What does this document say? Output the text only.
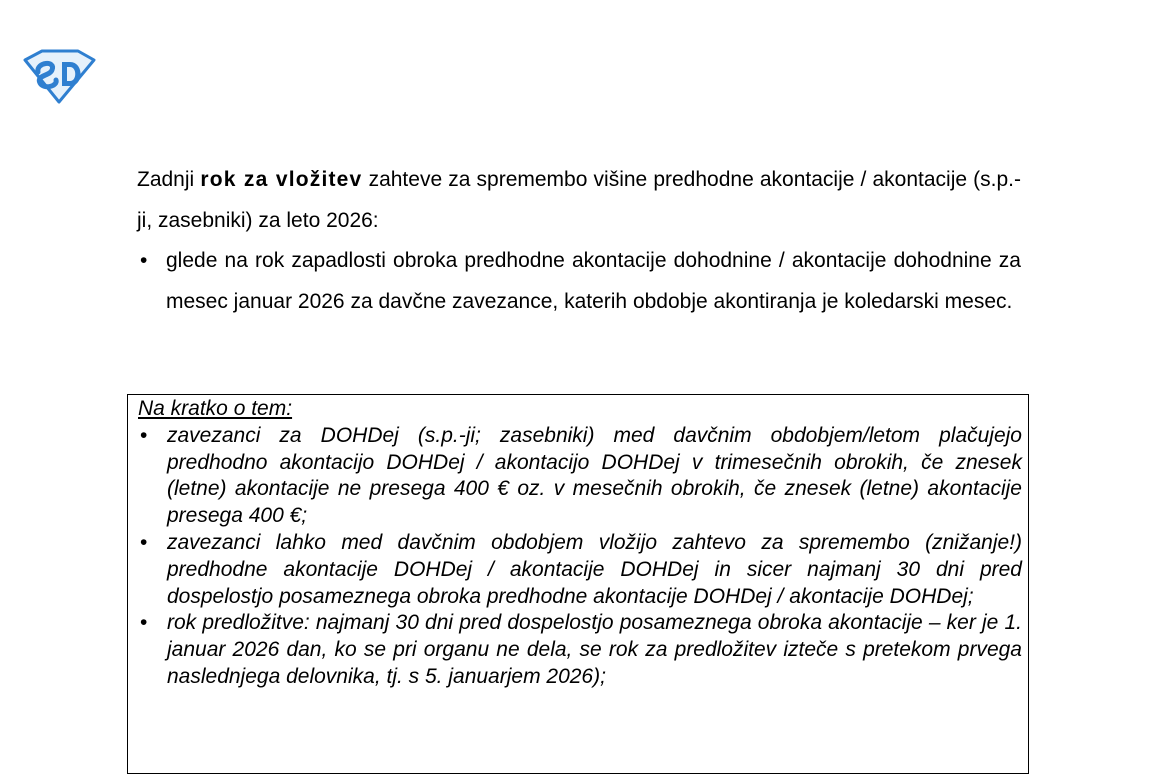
Zadnji rok za vložitev zahteve za spremembo višine predhodne akontacije / akontacije (s.p.-ji, zasebniki) za leto 2026:

• glede na rok zapadlosti obroka predhodne akontacije dohodnine / akontacije dohodnine za mesec januar 2026 za davčne zavezance, katerih obdobje akontiranja je koledarski mesec.
Na kratko o tem:
• zavezanci za DOHDej (s.p.-ji; zasebniki) med davčnim obdobjem/letom plačujejo predhodno akontacijo DOHDej / akontacijo DOHDej v trimesečnih obrokih, če znesek (letne) akontacije ne presega 400 € oz. v mesečnih obrokih, če znesek (letne) akontacije presega 400 €;
• zavezanci lahko med davčnim obdobjem vložijo zahtevo za spremembo (znižanje!) predhodne akontacije DOHDej / akontacije DOHDej in sicer najmanj 30 dni pred dospelostjo posameznega obroka predhodne akontacije DOHDej / akontacije DOHDej;
• rok predložitve: najmanj 30 dni pred dospelostjo posameznega obroka akontacije – ker je 1. januar 2026 dan, ko se pri organu ne dela, se rok za predložitev izteče s pretekom prvega naslednjega delovnika, tj. s 5. januarjem 2026);
